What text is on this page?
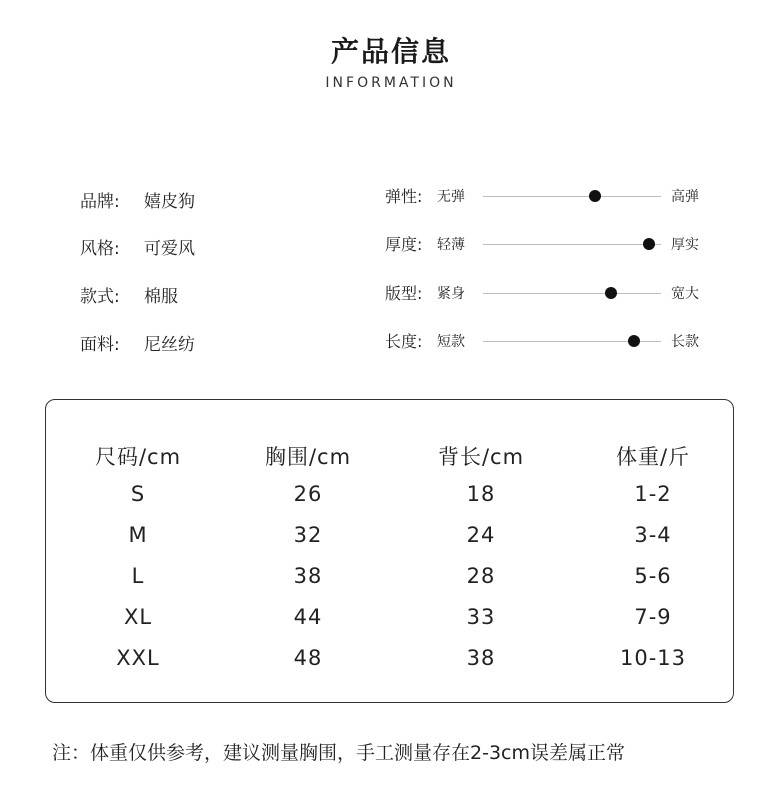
产品信息
INFORMATION
品牌: 嬉皮狗
风格: 可爱风
款式: 棉服
面料: 尼丝纺
弹性: 无弹	高弹
厚度: 轻薄	厚实
版型: 紧身	宽大
长度: 短款	长款
尺码/cm	胸围/cm	背长/cm	体重/斤
S	26	18	1-2
M	32	24	3-4
L	38	28	5-6
XL	44	33	7-9
XXL	48	38	10-13
注：体重仅供参考，建议测量胸围，手工测量存在2-3cm误差属正常
